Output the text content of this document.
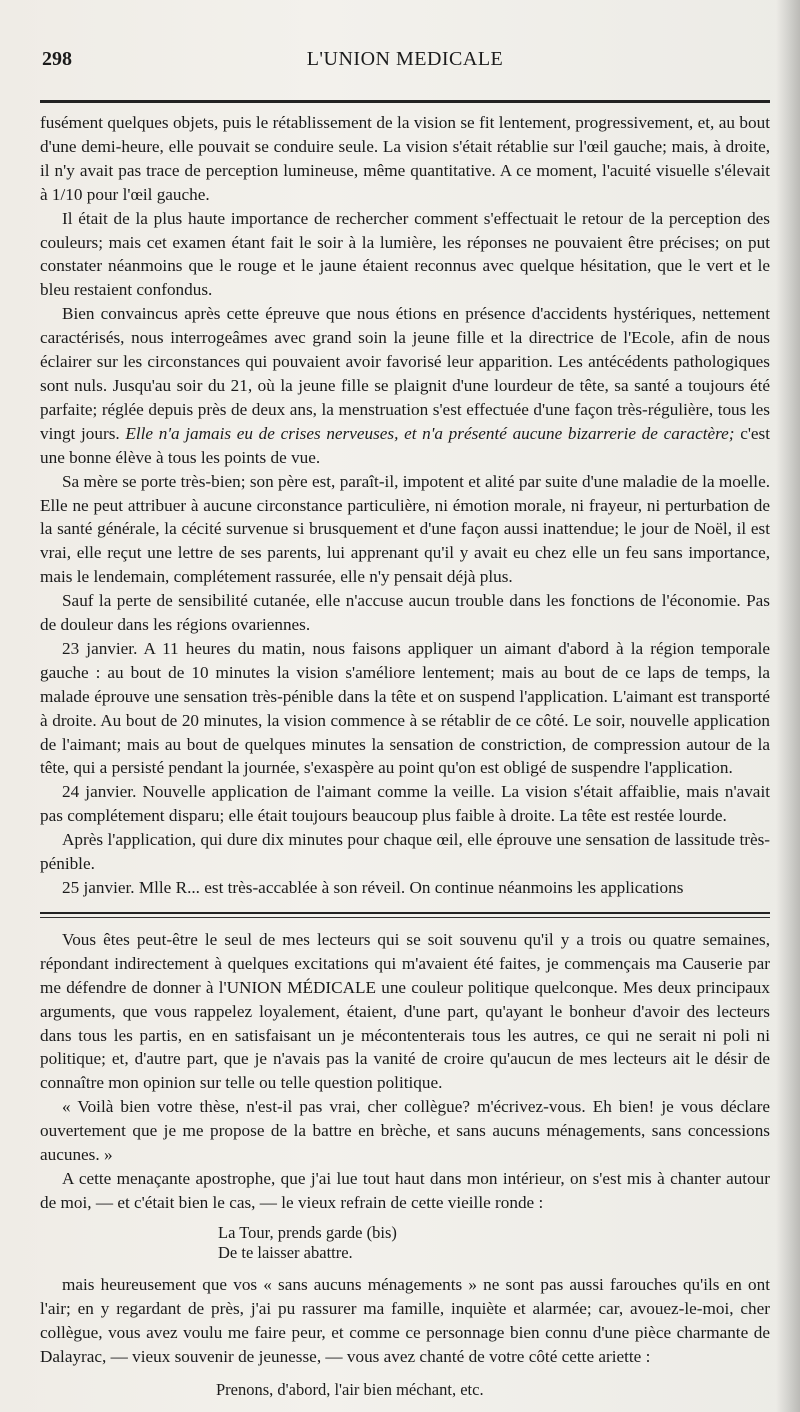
298	L'UNION MEDICALE

fusément quelques objets, puis le rétablissement de la vision se fit lentement, progressivement, et, au bout d'une demi-heure, elle pouvait se conduire seule. La vision s'était rétablie sur l'œil gauche; mais, à droite, il n'y avait pas trace de perception lumineuse, même quantitative. A ce moment, l'acuité visuelle s'élevait à 1/10 pour l'œil gauche.

Il était de la plus haute importance de rechercher comment s'effectuait le retour de la perception des couleurs; mais cet examen étant fait le soir à la lumière, les réponses ne pouvaient être précises; on put constater néanmoins que le rouge et le jaune étaient reconnus avec quelque hésitation, que le vert et le bleu restaient confondus.

Bien convaincus après cette épreuve que nous étions en présence d'accidents hystériques, nettement caractérisés, nous interrogeâmes avec grand soin la jeune fille et la directrice de l'Ecole, afin de nous éclairer sur les circonstances qui pouvaient avoir favorisé leur apparition. Les antécédents pathologiques sont nuls. Jusqu'au soir du 21, où la jeune fille se plaignit d'une lourdeur de tête, sa santé a toujours été parfaite; réglée depuis près de deux ans, la menstruation s'est effectuée d'une façon très-régulière, tous les vingt jours. Elle n'a jamais eu de crises nerveuses, et n'a présenté aucune bizarrerie de caractère; c'est une bonne élève à tous les points de vue.

Sa mère se porte très-bien; son père est, paraît-il, impotent et alité par suite d'une maladie de la moelle. Elle ne peut attribuer à aucune circonstance particulière, ni émotion morale, ni frayeur, ni perturbation de la santé générale, la cécité survenue si brusquement et d'une façon aussi inattendue; le jour de Noël, il est vrai, elle reçut une lettre de ses parents, lui apprenant qu'il y avait eu chez elle un feu sans importance, mais le lendemain, complétement rassurée, elle n'y pensait déjà plus.

Sauf la perte de sensibilité cutanée, elle n'accuse aucun trouble dans les fonctions de l'économie. Pas de douleur dans les régions ovariennes.

23 janvier. A 11 heures du matin, nous faisons appliquer un aimant d'abord à la région temporale gauche : au bout de 10 minutes la vision s'améliore lentement; mais au bout de ce laps de temps, la malade éprouve une sensation très-pénible dans la tête et on suspend l'application. L'aimant est transporté à droite. Au bout de 20 minutes, la vision commence à se rétablir de ce côté. Le soir, nouvelle application de l'aimant; mais au bout de quelques minutes la sensation de constriction, de compression autour de la tête, qui a persisté pendant la journée, s'exaspère au point qu'on est obligé de suspendre l'application.

24 janvier. Nouvelle application de l'aimant comme la veille. La vision s'était affaiblie, mais n'avait pas complétement disparu; elle était toujours beaucoup plus faible à droite. La tête est restée lourde.

Après l'application, qui dure dix minutes pour chaque œil, elle éprouve une sensation de lassitude très-pénible.

25 janvier. Mlle R... est très-accablée à son réveil. On continue néanmoins les applications

Vous êtes peut-être le seul de mes lecteurs qui se soit souvenu qu'il y a trois ou quatre semaines, répondant indirectement à quelques excitations qui m'avaient été faites, je commençais ma Causerie par me défendre de donner à l'UNION MÉDICALE une couleur politique quelconque. Mes deux principaux arguments, que vous rappelez loyalement, étaient, d'une part, qu'ayant le bonheur d'avoir des lecteurs dans tous les partis, en en satisfaisant un je mécontenterais tous les autres, ce qui ne serait ni poli ni politique; et, d'autre part, que je n'avais pas la vanité de croire qu'aucun de mes lecteurs ait le désir de connaître mon opinion sur telle ou telle question politique.

« Voilà bien votre thèse, n'est-il pas vrai, cher collègue? m'écrivez-vous. Eh bien! je vous déclare ouvertement que je me propose de la battre en brèche, et sans aucuns ménagements, sans concessions aucunes. »

A cette menaçante apostrophe, que j'ai lue tout haut dans mon intérieur, on s'est mis à chanter autour de moi, — et c'était bien le cas, — le vieux refrain de cette vieille ronde :

La Tour, prends garde (bis)
De te laisser abattre.

mais heureusement que vos « sans aucuns ménagements » ne sont pas aussi farouches qu'ils en ont l'air; en y regardant de près, j'ai pu rassurer ma famille, inquiète et alarmée; car, avouez-le-moi, cher collègue, vous avez voulu me faire peur, et comme ce personnage bien connu d'une pièce charmante de Dalayrac, — vieux souvenir de jeunesse, — vous avez chanté de votre côté cette ariette :

Prenons, d'abord, l'air bien méchant, etc.
